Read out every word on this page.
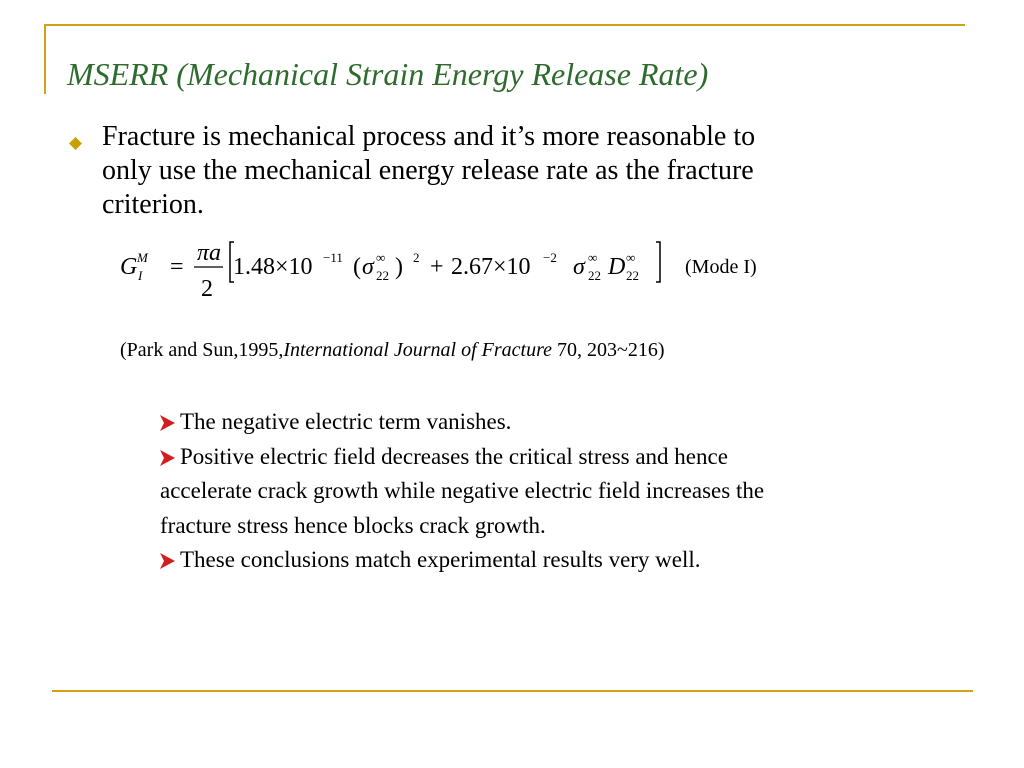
MSERR (Mechanical Strain Energy Release Rate)
Fracture is mechanical process and it’s more reasonable to
only use the mechanical energy release rate as the fracture
criterion.
G M
I =
πa
2
1.48×10 −11 ( σ ∞
22 ) 2 + 2.67×10 −2 σ ∞
22 D ∞
22 (Mode I)
(Park and Sun,1995,International Journal of Fracture 70, 203~216)
The negative electric term vanishes.
Positive electric field decreases the critical stress and hence
accelerate crack growth while negative electric field increases the
fracture stress hence blocks crack growth.
These conclusions match experimental results very well.
